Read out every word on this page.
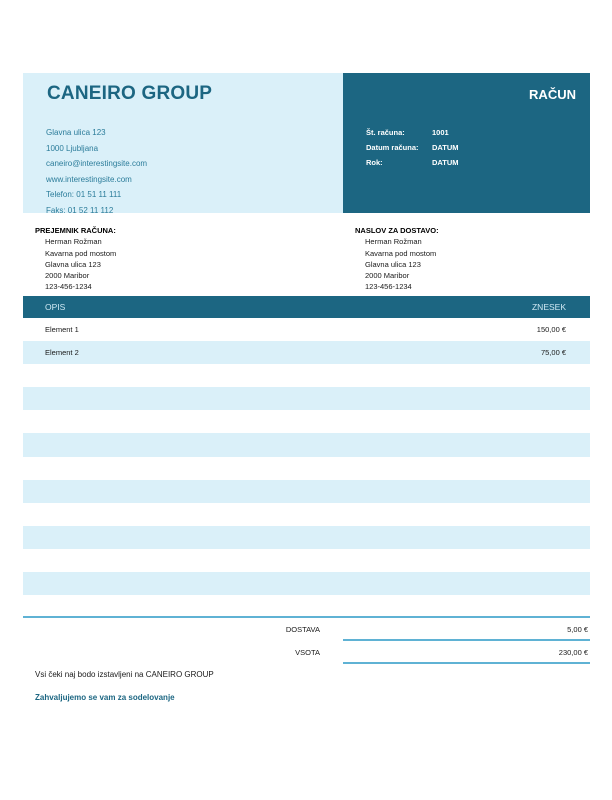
CANEIRO GROUP
Glavna ulica 123
1000 Ljubljana
caneiro@interestingsite.com
www.interestingsite.com
Telefon: 01 51 11 111
Faks: 01 52 11 112
RAČUN
Št. računa:	1001
Datum računa: DATUM
Rok:	DATUM
PREJEMNIK RAČUNA:
Herman Rožman
Kavarna pod mostom
Glavna ulica 123
2000 Maribor
123-456-1234
NASLOV ZA DOSTAVO:
Herman Rožman
Kavarna pod mostom
Glavna ulica 123
2000 Maribor
123-456-1234
OPIS	ZNESEK
Element 1	150,00 €
Element 2	75,00 €
DOSTAVA	5,00 €
VSOTA	230,00 €
Vsi čeki naj bodo izstavljeni na CANEIRO GROUP
Zahvaljujemo se vam za sodelovanje
